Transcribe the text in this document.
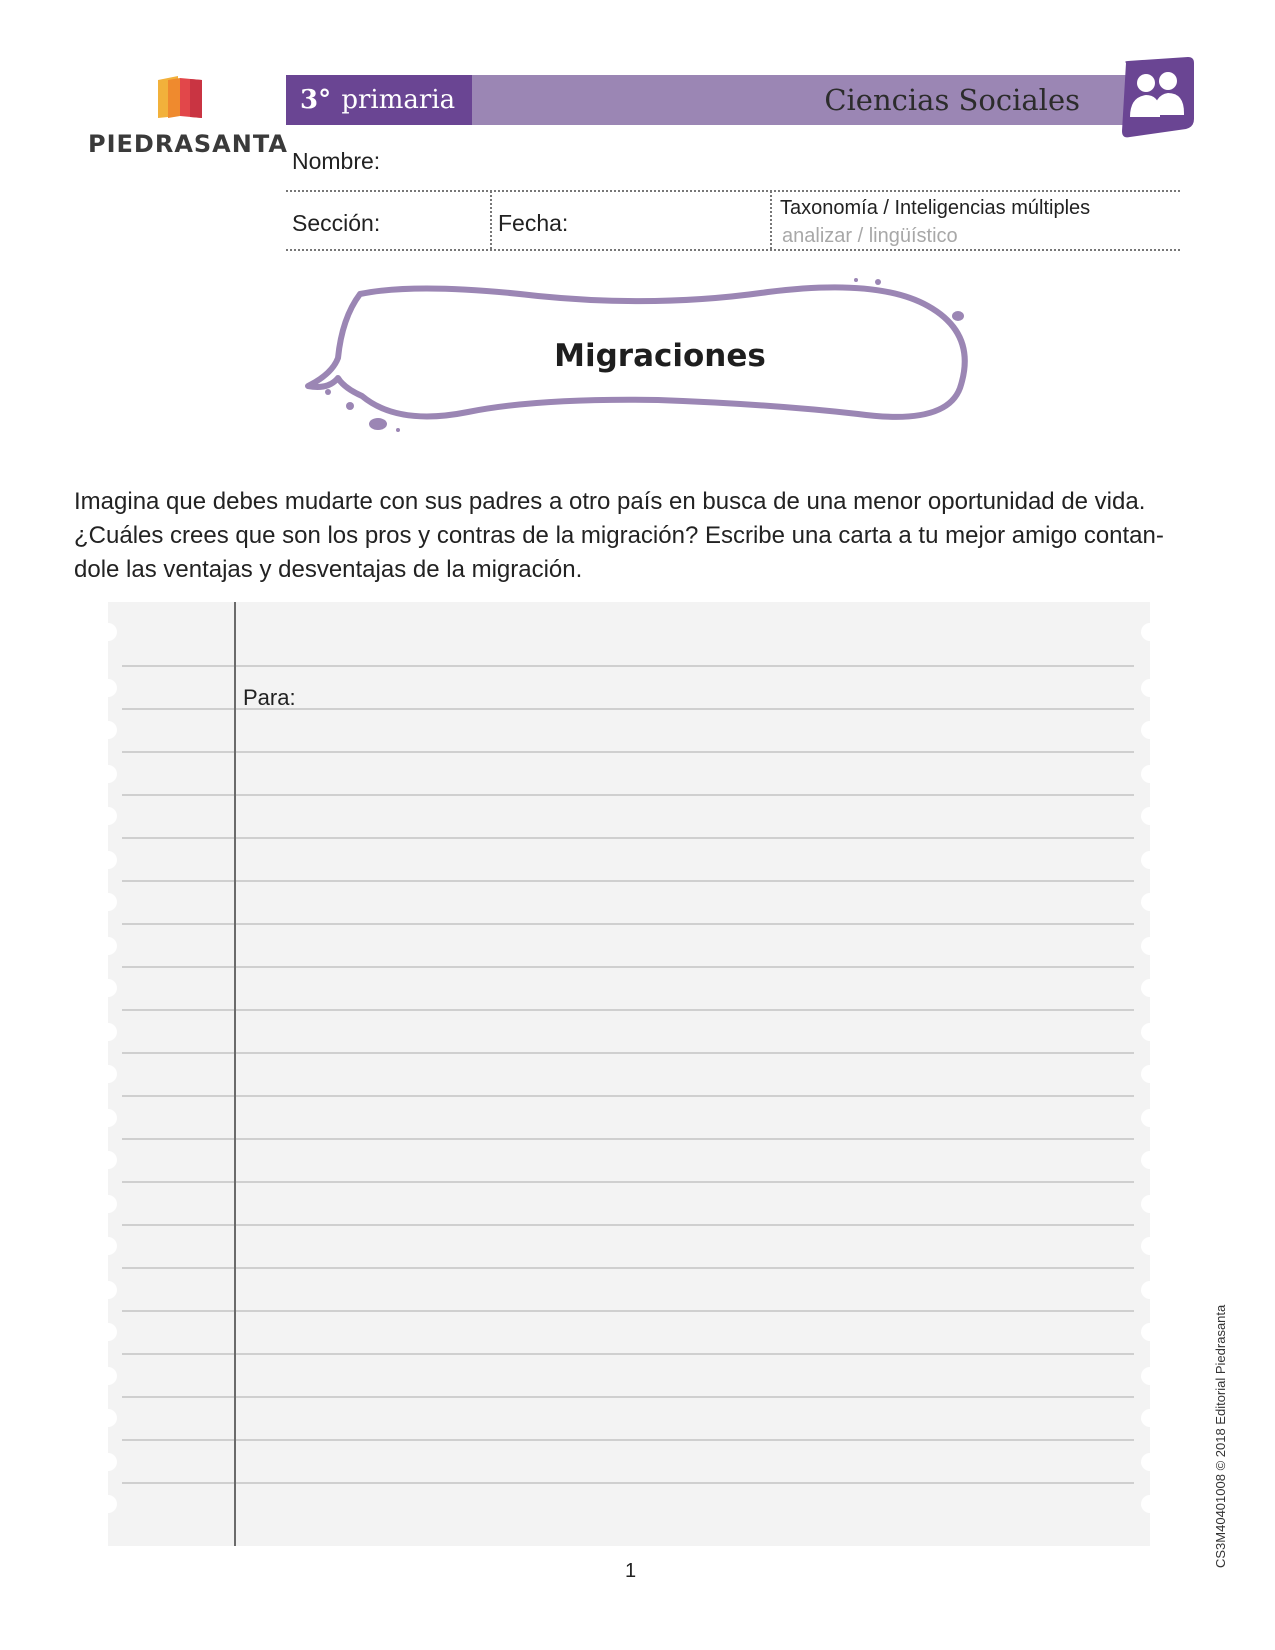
PIEDRASANTA
3°
primaria	Ciencias Sociales
Nombre:
Sección:	Fecha:
Taxonomía / Inteligencias múltiples
analizar / lingüístico
Migraciones
Imagina que debes mudarte con sus padres a otro país en busca de una menor oportunidad de vida. ¿Cuáles crees que son los pros y contras de la migración? Escribe una carta a tu mejor amigo contan-dole las ventajas y desventajas de la migración.
Para:
1
CS3M40401008 © 2018 Editorial Piedrasanta
